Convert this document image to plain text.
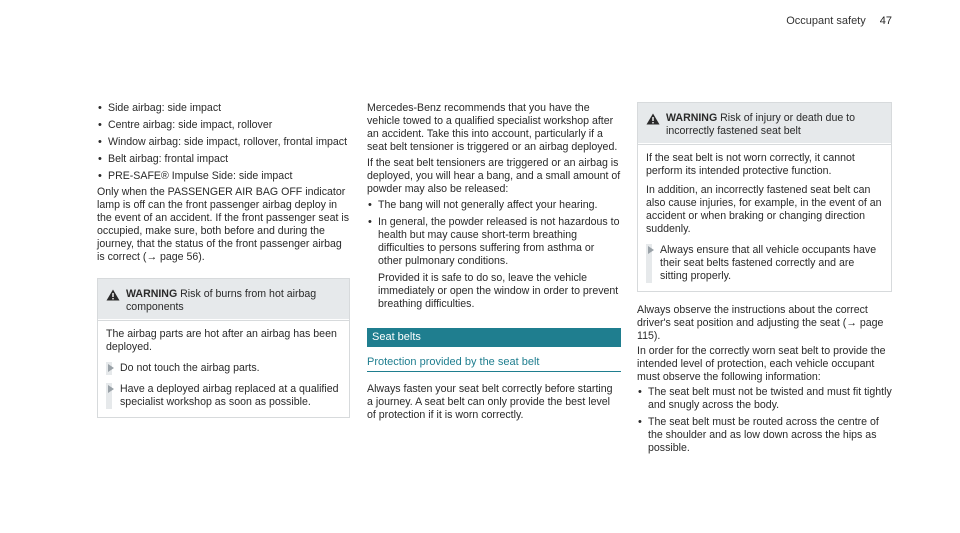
Occupant safety 47
• Side airbag: side impact
• Centre airbag: side impact, rollover
• Window airbag: side impact, rollover, frontal impact
• Belt airbag: frontal impact
• PRE-SAFE® Impulse Side: side impact

Only when the PASSENGER AIR BAG OFF indicator lamp is off can the front passenger airbag deploy in the event of an accident. If the front passenger seat is occupied, make sure, both before and during the journey, that the status of the front passenger airbag is correct (→ page 56).

WARNING Risk of burns from hot airbag components

The airbag parts are hot after an airbag has been deployed.

Do not touch the airbag parts.
Have a deployed airbag replaced at a qualified specialist workshop as soon as possible.

Mercedes-Benz recommends that you have the vehicle towed to a qualified specialist workshop after an accident. Take this into account, particularly if a seat belt tensioner is triggered or an airbag deployed.

If the seat belt tensioners are triggered or an airbag is deployed, you will hear a bang, and a small amount of powder may also be released:

• The bang will not generally affect your hearing.
• In general, the powder released is not hazardous to health but may cause short-term breathing difficulties to persons suffering from asthma or other pulmonary conditions.
Provided it is safe to do so, leave the vehicle immediately or open the window in order to prevent breathing difficulties.
Seat belts
Protection provided by the seat belt

Always fasten your seat belt correctly before starting a journey. A seat belt can only provide the best level of protection if it is worn correctly.

WARNING Risk of injury or death due to incorrectly fastened seat belt

If the seat belt is not worn correctly, it cannot perform its intended protective function.

In addition, an incorrectly fastened seat belt can also cause injuries, for example, in the event of an accident or when braking or changing direction suddenly.

Always ensure that all vehicle occupants have their seat belts fastened correctly and are sitting properly.

Always observe the instructions about the correct driver's seat position and adjusting the seat (→ page 115).

In order for the correctly worn seat belt to provide the intended level of protection, each vehicle occupant must observe the following information:

• The seat belt must not be twisted and must fit tightly and snugly across the body.
• The seat belt must be routed across the centre of the shoulder and as low down across the hips as possible.
